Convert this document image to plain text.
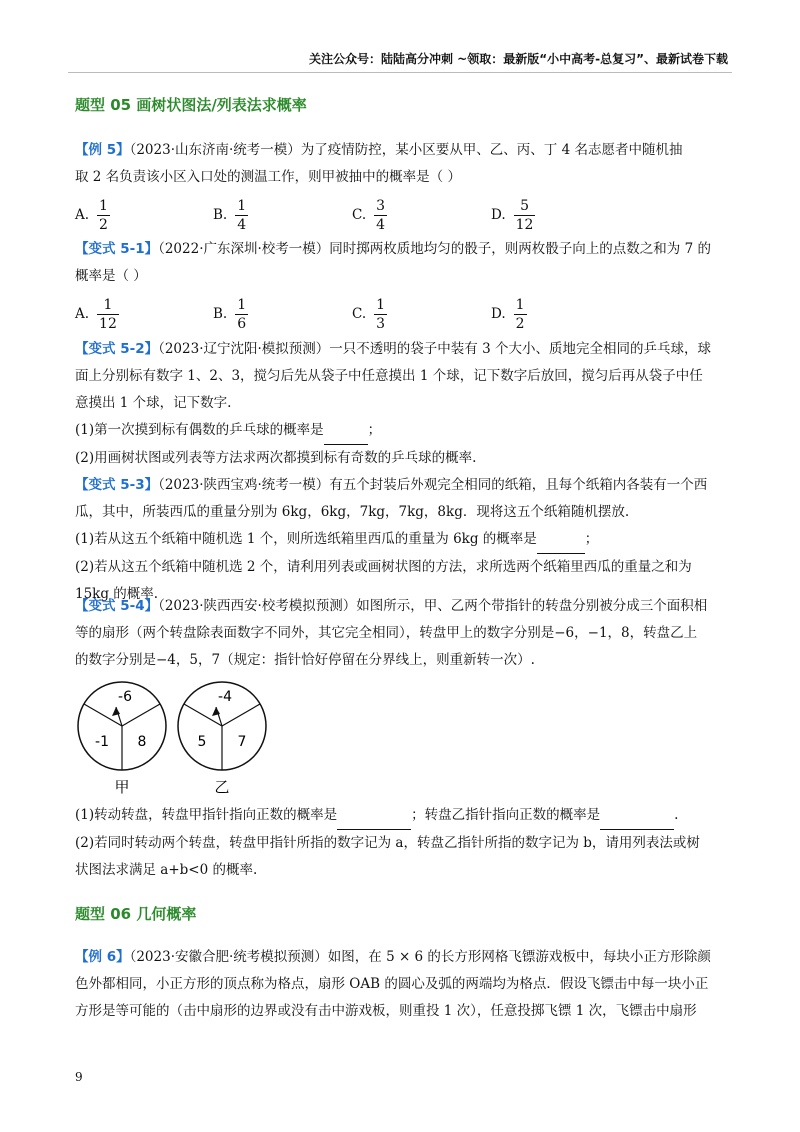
关注公众号：陆陆高分冲刺 ~领取：最新版“小中高考-总复习”、最新试卷下载
题型 05 画树状图法/列表法求概率
【例 5】（2023·山东济南·统考一模）为了疫情防控，某小区要从甲、乙、丙、丁 4 名志愿者中随机抽
取 2 名负责该小区入口处的测温工作，则甲被抽中的概率是（ ）
A. $\frac{1}{2}$	B. $\frac{1}{4}$	C. $\frac{3}{4}$	D. $\frac{5}{12}$
【变式 5-1】（2022·广东深圳·校考一模）同时掷两枚质地均匀的骰子，则两枚骰子向上的点数之和为 7 的
概率是（ ）
A. $\frac{1}{12}$	B. $\frac{1}{6}$	C. $\frac{1}{3}$	D. $\frac{1}{2}$
【变式 5-2】（2023·辽宁沈阳·模拟预测）一只不透明的袋子中装有 3 个大小、质地完全相同的乒乓球，球
面上分别标有数字 1、2、3，搅匀后先从袋子中任意摸出 1 个球，记下数字后放回，搅匀后再从袋子中任
意摸出 1 个球，记下数字.
(1)第一次摸到标有偶数的乒乓球的概率是	；
(2)用画树状图或列表等方法求两次都摸到标有奇数的乒乓球的概率.
【变式 5-3】（2023·陕西宝鸡·统考一模）有五个封装后外观完全相同的纸箱，且每个纸箱内各装有一个西
瓜，其中，所装西瓜的重量分别为 6kg，6kg，7kg，7kg，8kg．现将这五个纸箱随机摆放.
(1)若从这五个纸箱中随机选 1 个，则所选纸箱里西瓜的重量为 6kg 的概率是	；
(2)若从这五个纸箱中随机选 2 个，请利用列表或画树状图的方法，求所选两个纸箱里西瓜的重量之和为
15kg 的概率.
【变式 5-4】（2023·陕西西安·校考模拟预测）如图所示，甲、乙两个带指针的转盘分别被分成三个面积相
等的扇形（两个转盘除表面数字不同外，其它完全相同），转盘甲上的数字分别是−6，−1，8，转盘乙上
的数字分别是−4，5，7（规定：指针恰好停留在分界线上，则重新转一次）.
-6
-1 8
甲
-4
5 7
乙
(1)转动转盘，转盘甲指针指向正数的概率是	；转盘乙指针指向正数的概率是	.
(2)若同时转动两个转盘，转盘甲指针所指的数字记为 a，转盘乙指针所指的数字记为 b，请用列表法或树
状图法求满足 a+b<0 的概率.
题型 06 几何概率
【例 6】（2023·安徽合肥·统考模拟预测）如图，在 5 × 6 的长方形网格飞镖游戏板中，每块小正方形除颜
色外都相同，小正方形的顶点称为格点，扇形 OAB 的圆心及弧的两端均为格点．假设飞镖击中每一块小正
方形是等可能的（击中扇形的边界或没有击中游戏板，则重投 1 次），任意投掷飞镖 1 次，飞镖击中扇形
9
